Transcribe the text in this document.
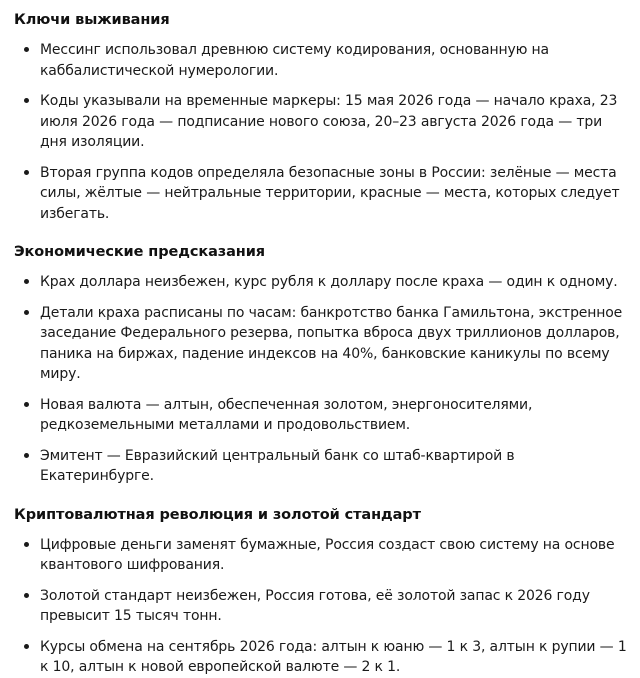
Ключи выживания
Мессинг использовал древнюю систему кодирования, основанную на каббалистической нумерологии.
Коды указывали на временные маркеры: 15 мая 2026 года — начало краха, 23 июля 2026 года — подписание нового союза, 20–23 августа 2026 года — три дня изоляции.
Вторая группа кодов определяла безопасные зоны в России: зелёные — места силы, жёлтые — нейтральные территории, красные — места, которых следует избегать.
Экономические предсказания
Крах доллара неизбежен, курс рубля к доллару после краха — один к одному.
Детали краха расписаны по часам: банкротство банка Гамильтона, экстренное заседание Федерального резерва, попытка вброса двух триллионов долларов, паника на биржах, падение индексов на 40%, банковские каникулы по всему миру.
Новая валюта — алтын, обеспеченная золотом, энергоносителями, редкоземельными металлами и продовольствием.
Эмитент — Евразийский центральный банк со штаб-квартирой в Екатеринбурге.
Криптовалютная революция и золотой стандарт
Цифровые деньги заменят бумажные, Россия создаст свою систему на основе квантового шифрования.
Золотой стандарт неизбежен, Россия готова, её золотой запас к 2026 году превысит 15 тысяч тонн.
Курсы обмена на сентябрь 2026 года: алтын к юаню — 1 к 3, алтын к рупии — 1 к 10, алтын к новой европейской валюте — 2 к 1.
